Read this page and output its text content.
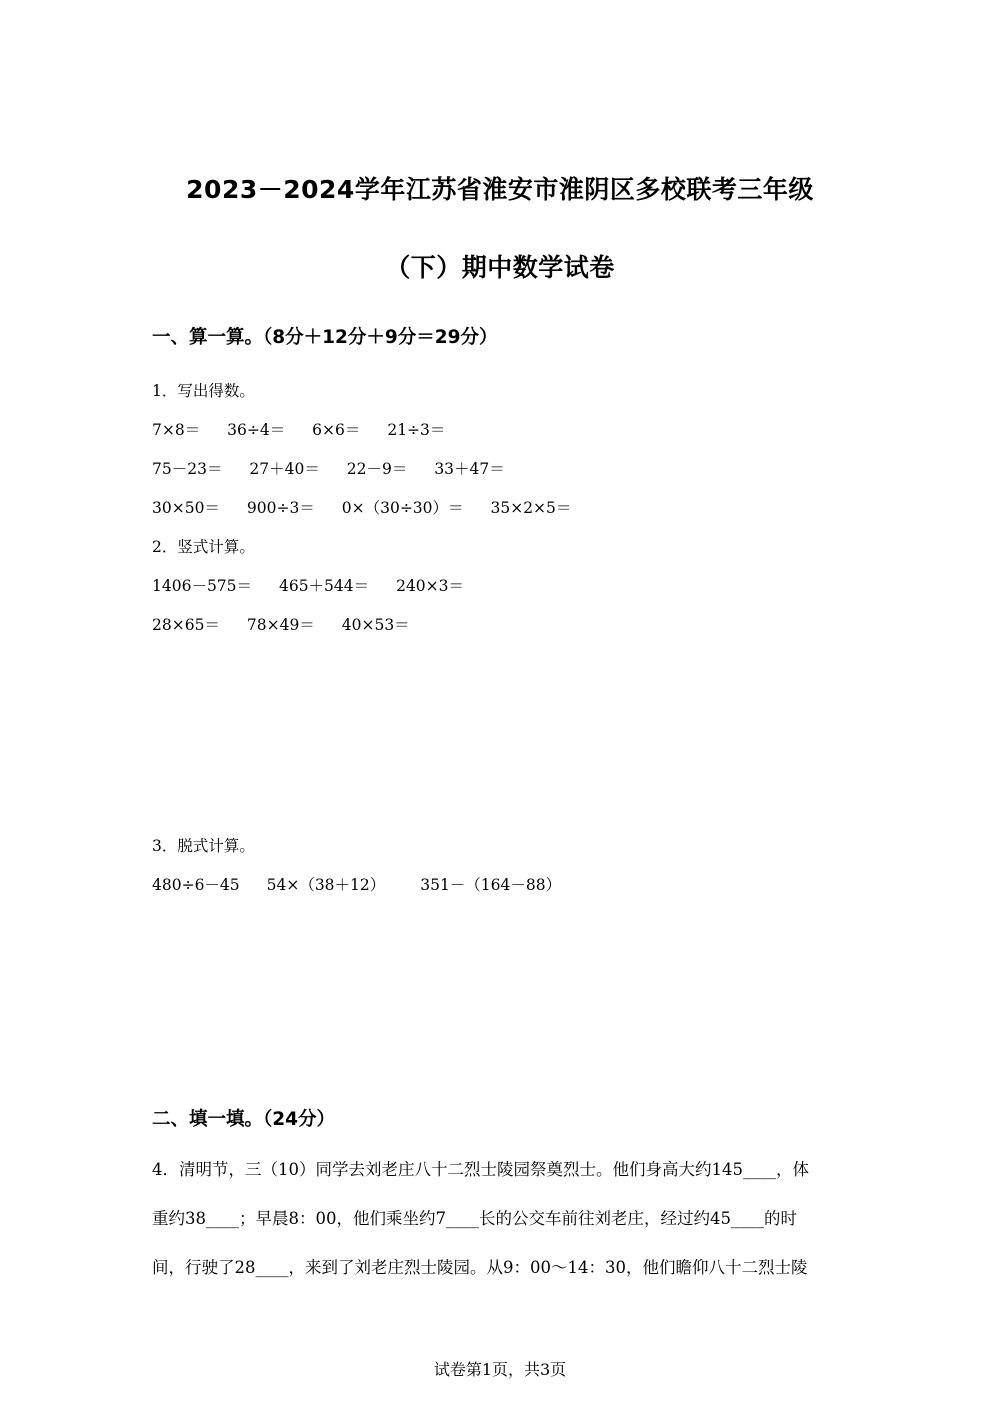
2023－2024学年江苏省淮安市淮阴区多校联考三年级
（下）期中数学试卷
一、算一算。（8分＋12分＋9分＝29分）
1．写出得数。
7×8＝ 36÷4＝ 6×6＝ 21÷3＝
75－23＝ 27＋40＝ 22－9＝ 33＋47＝
30×50＝ 900÷3＝ 0×（30÷30）＝ 35×2×5＝
2．竖式计算。
1406－575＝ 465＋544＝ 240×3＝
28×65＝ 78×49＝ 40×53＝
3．脱式计算。
480÷6－45 54×（38＋12） 351－（164－88）
二、填一填。（24分）
4．清明节，三（10）同学去刘老庄八十二烈士陵园祭奠烈士。他们身高大约145____，体
重约38____；早晨8：00，他们乘坐约7____长的公交车前往刘老庄，经过约45____的时
间，行驶了28____，来到了刘老庄烈士陵园。从9：00～14：30，他们瞻仰八十二烈士陵
试卷第1页，共3页
